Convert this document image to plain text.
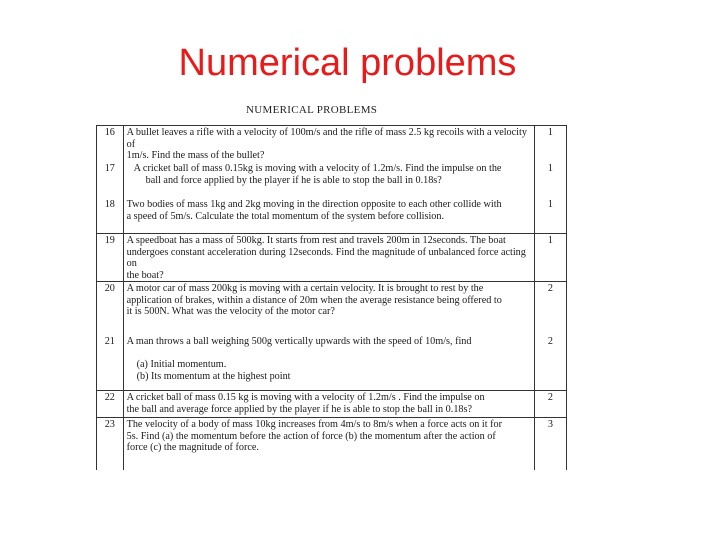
Numerical problems
NUMERICAL PROBLEMS
16	A bullet leaves a rifle with a velocity of 100m/s and the rifle of mass 2.5 kg recoils with a velocity of
1m/s. Find the mass of the bullet?	1
17	A cricket ball of mass 0.15kg is moving with a velocity of 1.2m/s. Find the impulse on the
ball and force applied by the player if he is able to stop the ball in 0.18s?	1
18	Two bodies of mass 1kg and 2kg moving in the direction opposite to each other collide with
a speed of 5m/s. Calculate the total momentum of the system before collision.	1
19	A speedboat has a mass of 500kg. It starts from rest and travels 200m in 12seconds. The boat
undergoes constant acceleration during 12seconds. Find the magnitude of unbalanced force acting on
the boat?	1
20	A motor car of mass 200kg is moving with a certain velocity. It is brought to rest by the
application of brakes, within a distance of 20m when the average resistance being offered to
it is 500N. What was the velocity of the motor car?	2
21	A man throws a ball weighing 500g vertically upwards with the speed of 10m/s, find

(a) Initial momentum.
(b) Its momentum at the highest point	2
22	A cricket ball of mass 0.15 kg is moving with a velocity of 1.2m/s . Find the impulse on
the ball and average force applied by the player if he is able to stop the ball in 0.18s?	2
23	The velocity of a body of mass 10kg increases from 4m/s to 8m/s when a force acts on it for
5s. Find (a) the momentum before the action of force (b) the momentum after the action of
force (c) the magnitude of force.	3
